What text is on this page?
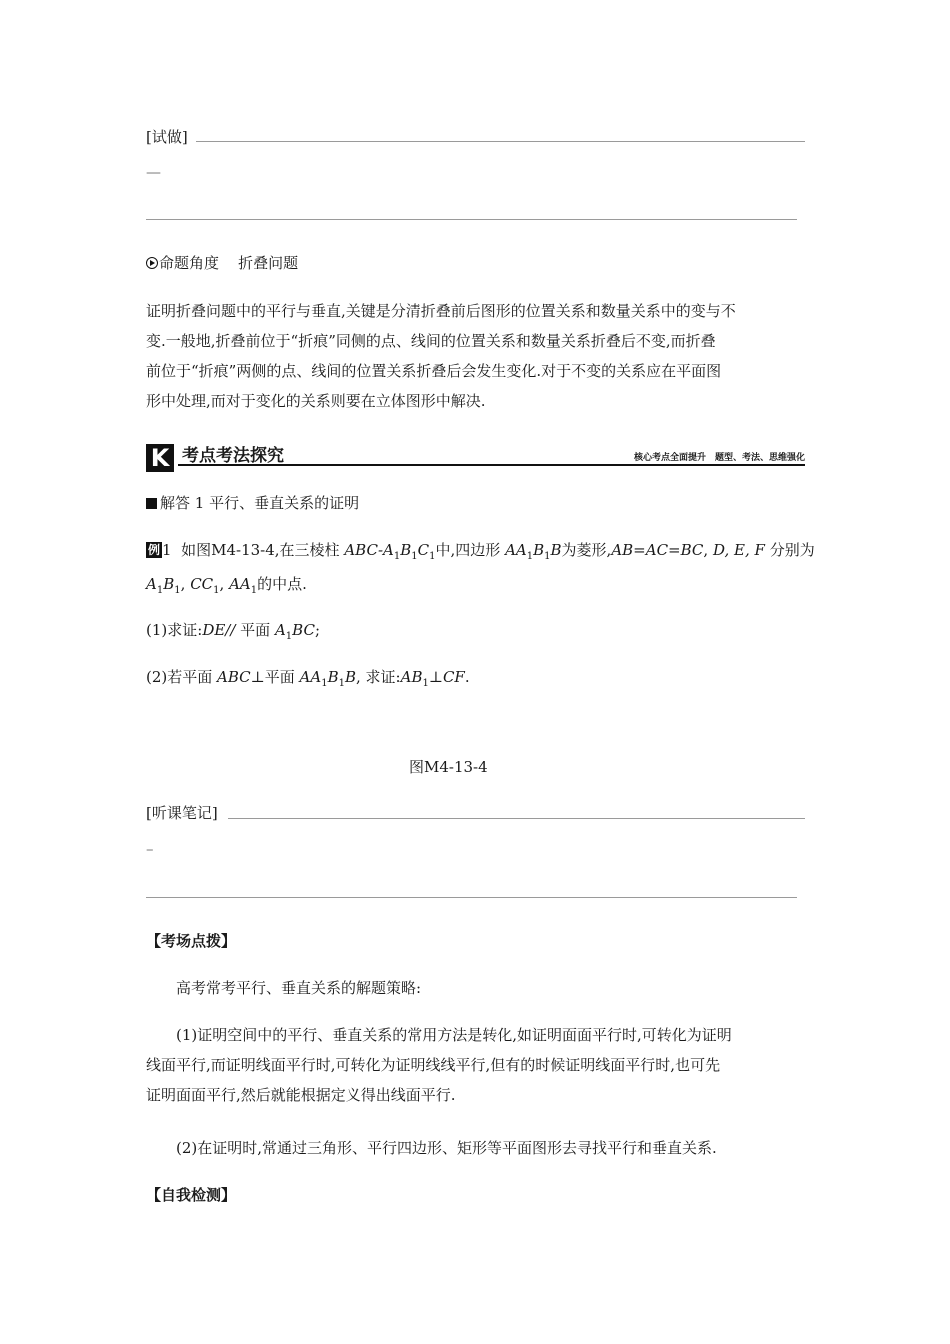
[试做]
—
命题角度 折叠问题
证明折叠问题中的平行与垂直,关键是分清折叠前后图形的位置关系和数量关系中的变与不
变.一般地,折叠前位于“折痕”同侧的点、线间的位置关系和数量关系折叠后不变,而折叠
前位于“折痕”两侧的点、线间的位置关系折叠后会发生变化.对于不变的关系应在平面图
形中处理,而对于变化的关系则要在立体图形中解决.
K 考点考法探究	核心考点全面提升　题型、考法、思维强化
解答 1 平行、垂直关系的证明
例 1 如图M4-13-4,在三棱柱 ABC-$A_1B_1C_1$中,四边形 $AA_1B_1B$为菱形,AB=AC=BC, D, E, F 分别为
$A_1B_1$, $CC_1$, $AA_1$的中点.
(1)求证:DE// 平面 $A_1BC$;
(2)若平面 ABC⊥平面 $AA_1B_1B$, 求证$:AB_1\perp CF$.
图M4-13-4
[听课笔记]
–
【考场点拨】
高考常考平行、垂直关系的解题策略:
(1)证明空间中的平行、垂直关系的常用方法是转化,如证明面面平行时,可转化为证明
线面平行,而证明线面平行时,可转化为证明线线平行,但有的时候证明线面平行时,也可先
证明面面平行,然后就能根据定义得出线面平行.
(2)在证明时,常通过三角形、平行四边形、矩形等平面图形去寻找平行和垂直关系.
【自我检测】
